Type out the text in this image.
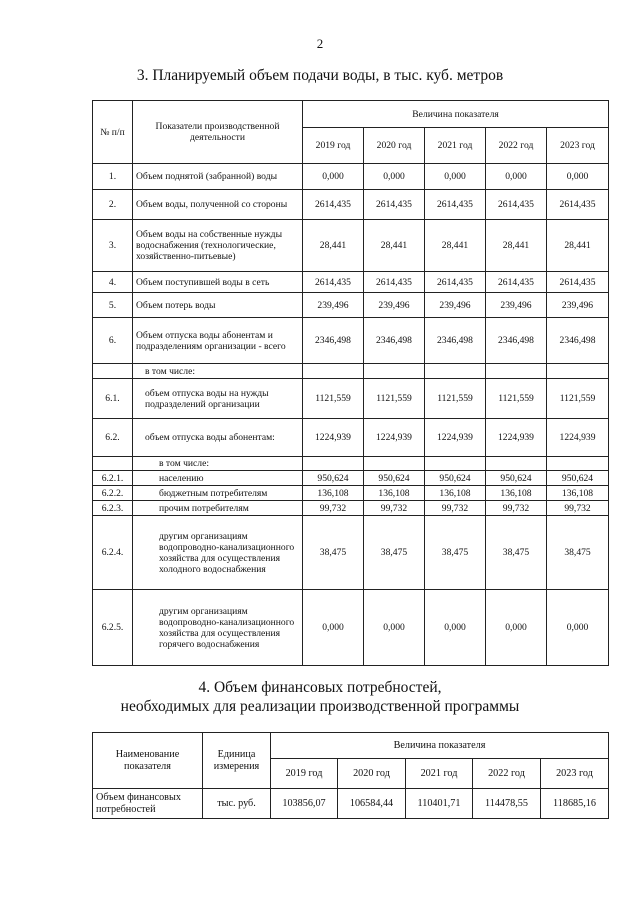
2
3. Планируемый объем подачи воды, в тыс. куб. метров
№ п/п	Показатели производственной деятельности	Величина показателя				
		2019 год	2020 год	2021 год	2022 год	2023 год
1.	Объем поднятой (забранной) воды	0,000	0,000	0,000	0,000	0,000
2.	Объем воды, полученной со стороны	2614,435	2614,435	2614,435	2614,435	2614,435
3.	Объем воды на собственные нужды водоснабжения (технологические, хозяйственно-питьевые)	28,441	28,441	28,441	28,441	28,441
4.	Объем поступившей воды в сеть	2614,435	2614,435	2614,435	2614,435	2614,435
5.	Объем потерь воды	239,496	239,496	239,496	239,496	239,496
6.	Объем отпуска воды абонентам и подразделениям организации - всего	2346,498	2346,498	2346,498	2346,498	2346,498
	в том числе:					
6.1.	объем отпуска воды на нужды подразделений организации	1121,559	1121,559	1121,559	1121,559	1121,559
6.2.	объем отпуска воды абонентам:	1224,939	1224,939	1224,939	1224,939	1224,939
	в том числе:					
6.2.1.	населению	950,624	950,624	950,624	950,624	950,624
6.2.2.	бюджетным потребителям	136,108	136,108	136,108	136,108	136,108
6.2.3.	прочим потребителям	99,732	99,732	99,732	99,732	99,732
6.2.4.	другим организациям водопроводно-канализационного хозяйства для осуществления холодного водоснабжения	38,475	38,475	38,475	38,475	38,475
6.2.5.	другим организациям водопроводно-канализационного хозяйства для осуществления горячего водоснабжения	0,000	0,000	0,000	0,000	0,000
4. Объем финансовых потребностей,
необходимых для реализации производственной программы
Наименование показателя	Единица измерения	Величина показателя				
		2019 год	2020 год	2021 год	2022 год	2023 год
Объем финансовых потребностей	тыс. руб.	103856,07	106584,44	110401,71	114478,55	118685,16
